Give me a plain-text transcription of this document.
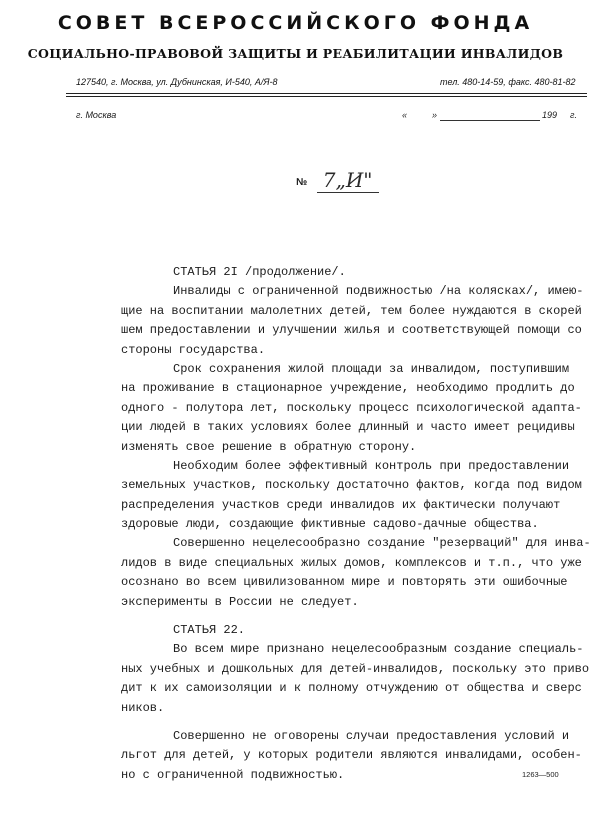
СОВЕТ ВСЕРОССИЙСКОГО ФОНДА
СОЦИАЛЬНО-ПРАВОВОЙ ЗАЩИТЫ И РЕАБИЛИТАЦИИ ИНВАЛИДОВ
127540, г. Москва, ул. Дубнинская, И-540, А/Я-8	тел. 480-14-59, факс. 480-81-82
г. Москва	«	»	199 г.
№ 7„И"
СТАТЬЯ 2I /продолжение/.
Инвалиды с ограниченной подвижностью /на колясках/, имею-
щие на воспитании малолетних детей, тем более нуждаются в скорей
шем предоставлении и улучшении жилья и соответствующей помощи со
стороны государства.
Срок сохранения жилой площади за инвалидом, поступившим
на проживание в стационарное учреждение, необходимо продлить до
одного - полутора лет, поскольку процесс психологической адапта-
ции людей в таких условиях более длинный и часто имеет рецидивы
изменять свое решение в обратную сторону.
Необходим более эффективный контроль при предоставлении
земельных участков, поскольку достаточно фактов, когда под видом
распределения участков среди инвалидов их фактически получают
здоровые люди, создающие фиктивные садово-дачные общества.
Совершенно нецелесообразно создание "резерваций" для инва-
лидов в виде специальных жилых домов, комплексов и т.п., что уже
осознано во всем цивилизованном мире и повторять эти ошибочные
эксперименты в России не следует.
СТАТЬЯ 22.
Во всем мире признано нецелесообразным создание специаль-
ных учебных и дошкольных для детей-инвалидов, поскольку это приво
дит к их самоизоляции и к полному отчуждению от общества и сверс
ников.
Совершенно не оговорены случаи предоставления условий и
льгот для детей, у которых родители являются инвалидами, особен-
но с ограниченной подвижностью.	1263—500
